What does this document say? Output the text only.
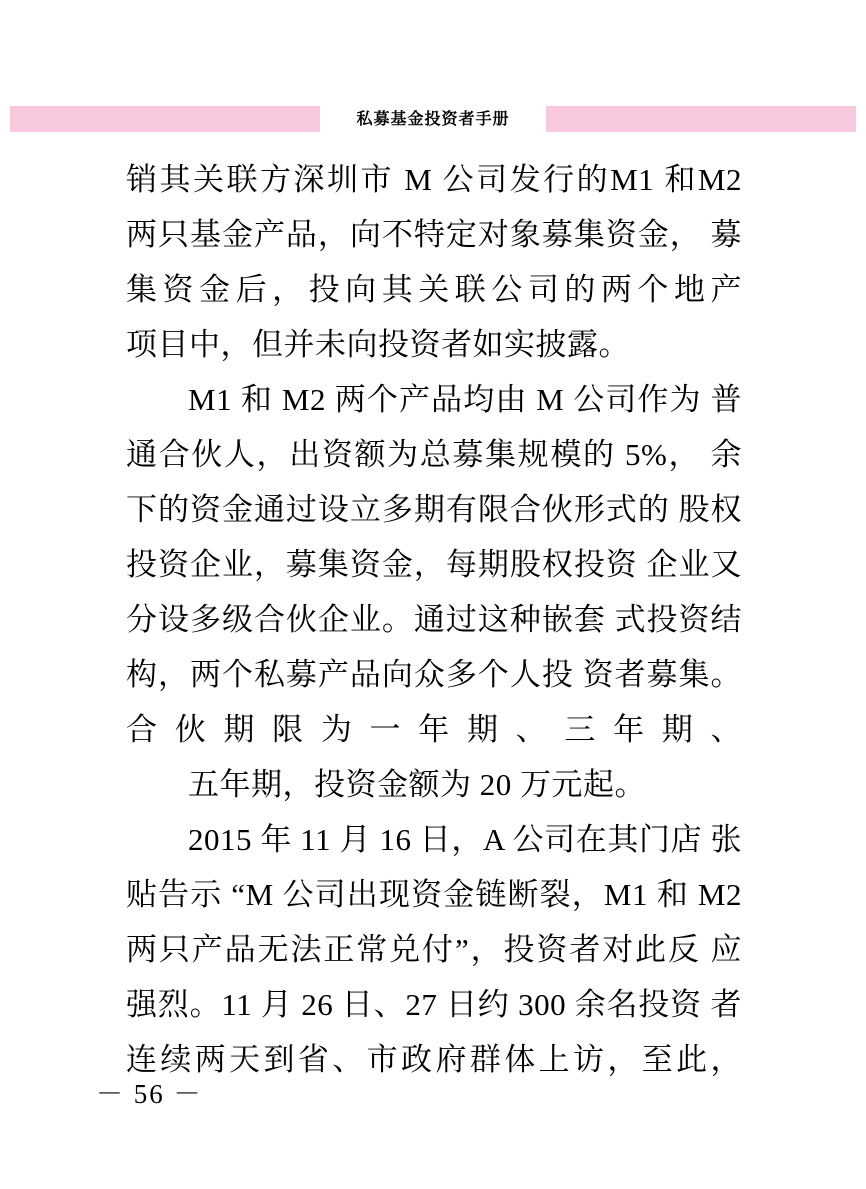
私募基金投资者手册
销其关联方深圳市 M 公司发行的M1 和M2 两只基金产品，向不特定对象募集资金， 募集资金后，投向其关联公司的两个地产
项目中，但并未向投资者如实披露。
M1 和 M2 两个产品均由 M 公司作为 普通合伙人，出资额为总募集规模的 5%， 余下的资金通过设立多期有限合伙形式的 股权投资企业，募集资金，每期股权投资 企业又分设多级合伙企业。通过这种嵌套 式投资结构，两个私募产品向众多个人投 资者募集。合伙期限为一年期、三年期、
五年期，投资金额为 20 万元起。
2015 年 11 月 16 日，A 公司在其门店 张贴告示 “M 公司出现资金链断裂，M1 和 M2 两只产品无法正常兑付”，投资者对此反 应强烈。11 月 26 日、27 日约 300 余名投资 者连续两天到省、市政府群体上访，至此，
－ 56 －
